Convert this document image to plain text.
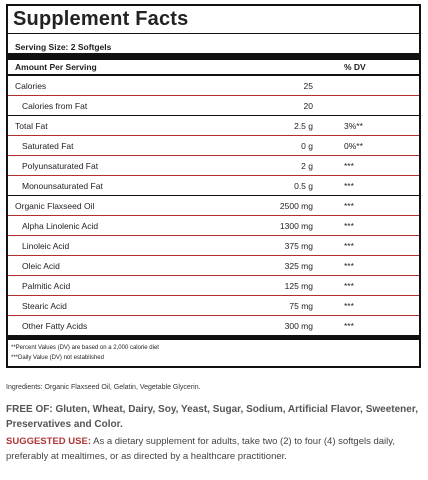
Supplement Facts
Serving Size: 2 Softgels
Amount Per Serving	% DV
Calories	25
Calories from Fat	20
Total Fat	2.5 g	3%**
Saturated Fat	0 g	0%**
Polyunsaturated Fat	2 g	***
Monounsaturated Fat	0.5 g	***
Organic Flaxseed Oil	2500 mg	***
Alpha Linolenic Acid	1300 mg	***
Linoleic Acid	375 mg	***
Oleic Acid	325 mg	***
Palmitic Acid	125 mg	***
Stearic Acid	75 mg	***
Other Fatty Acids	300 mg	***
**Percent Values (DV) are based on a 2,000 calorie diet
***Daily Value (DV) not established
Ingredients: Organic Flaxseed Oil, Gelatin, Vegetable Glycerin.
FREE OF: Gluten, Wheat, Dairy, Soy, Yeast, Sugar, Sodium, Artificial Flavor, Sweetener, Preservatives and Color.
SUGGESTED USE: As a dietary supplement for adults, take two (2) to four (4) softgels daily, preferably at mealtimes, or as directed by a healthcare practitioner.
